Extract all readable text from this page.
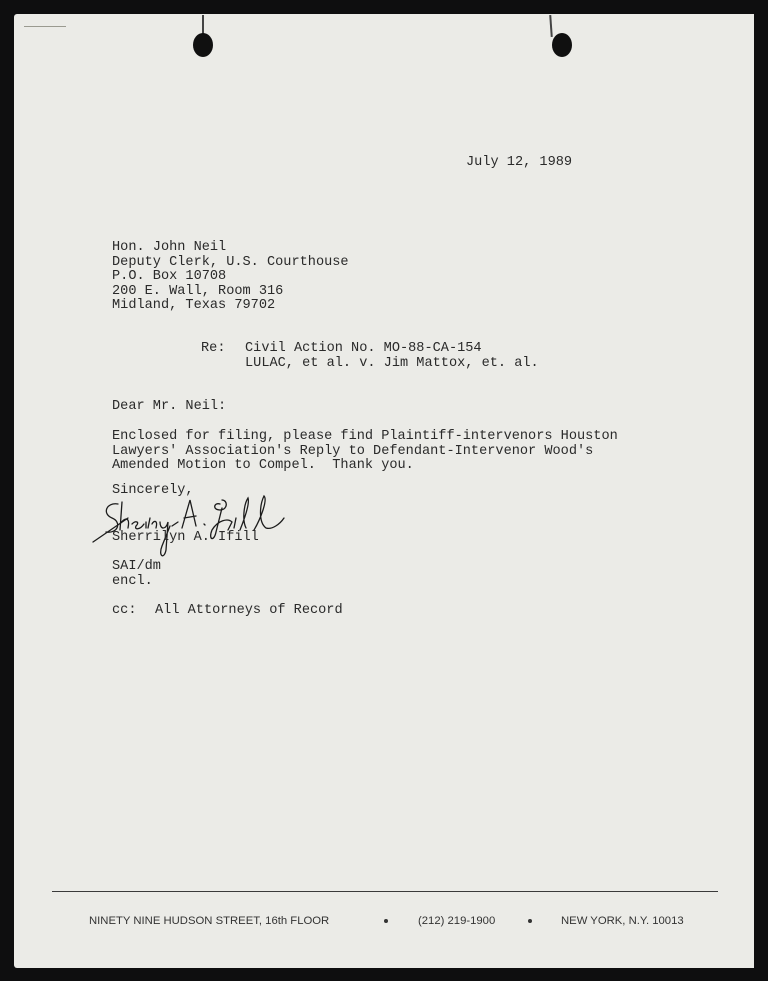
July 12, 1989
Hon. John Neil
Deputy Clerk, U.S. Courthouse
P.O. Box 10708
200 E. Wall, Room 316
Midland, Texas 79702
Re: Civil Action No. MO-88-CA-154
LULAC, et al. v. Jim Mattox, et. al.
Dear Mr. Neil:
Enclosed for filing, please find Plaintiff-intervenors Houston
Lawyers' Association's Reply to Defendant-Intervenor Wood's
Amended Motion to Compel.  Thank you.
Sincerely,
Sherrilyn A. Ifill
SAI/dm
encl.
cc: All Attorneys of Record
NINETY NINE HUDSON STREET, 16th FLOOR	(212) 219-1900	NEW YORK, N.Y. 10013
